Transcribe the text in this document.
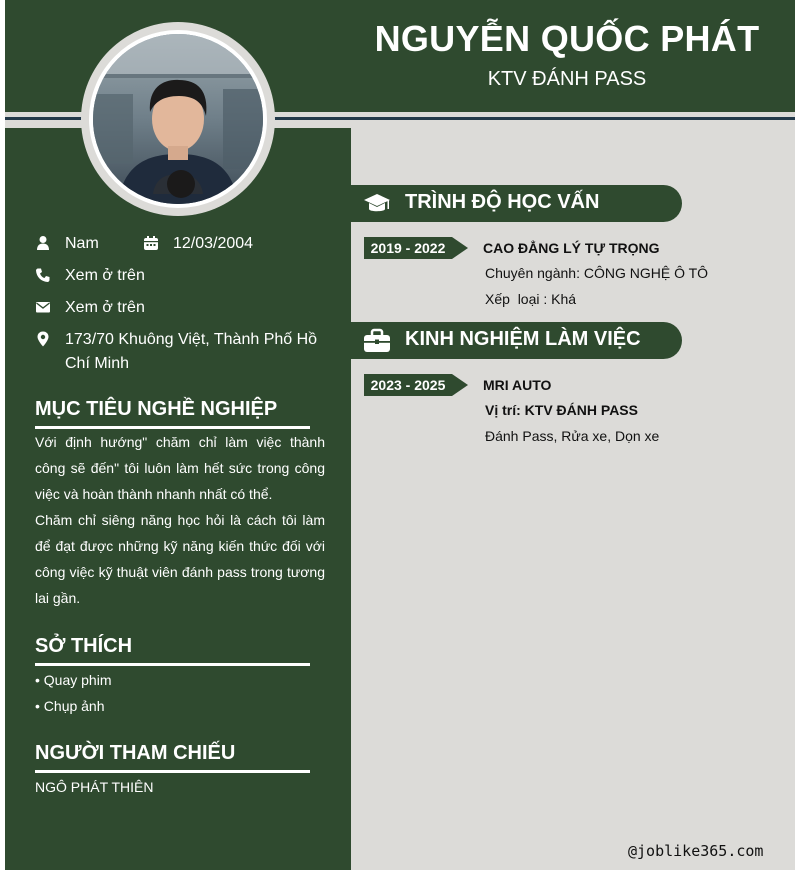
NGUYỄN QUỐC PHÁT
KTV ĐÁNH PASS
Nam	12/03/2004
Xem ở trên
Xem ở trên
173/70 Khuông Việt, Thành Phố Hồ Chí Minh
MỤC TIÊU NGHỀ NGHIỆP
Với định hướng" chăm chỉ làm việc thành công sẽ đến" tôi luôn làm hết sức trong công việc và hoàn thành nhanh nhất có thể.
Chăm chỉ siêng năng học hỏi là cách tôi làm để đạt được những kỹ năng kiến thức đối với công việc kỹ thuật viên đánh pass trong tương lai gần.
SỞ THÍCH
• Quay phim
• Chụp ảnh
NGƯỜI THAM CHIẾU
NGÔ PHÁT THIÊN
TRÌNH ĐỘ HỌC VẤN
2019 - 2022	CAO ĐẲNG LÝ TỰ TRỌNG
Chuyên ngành: CÔNG NGHỆ Ô TÔ
Xếp  loại : Khá
KINH NGHIỆM LÀM VIỆC
2023 - 2025	MRI AUTO
Vị trí: KTV ĐÁNH PASS
Đánh Pass, Rửa xe, Dọn xe
@joblike365.com
